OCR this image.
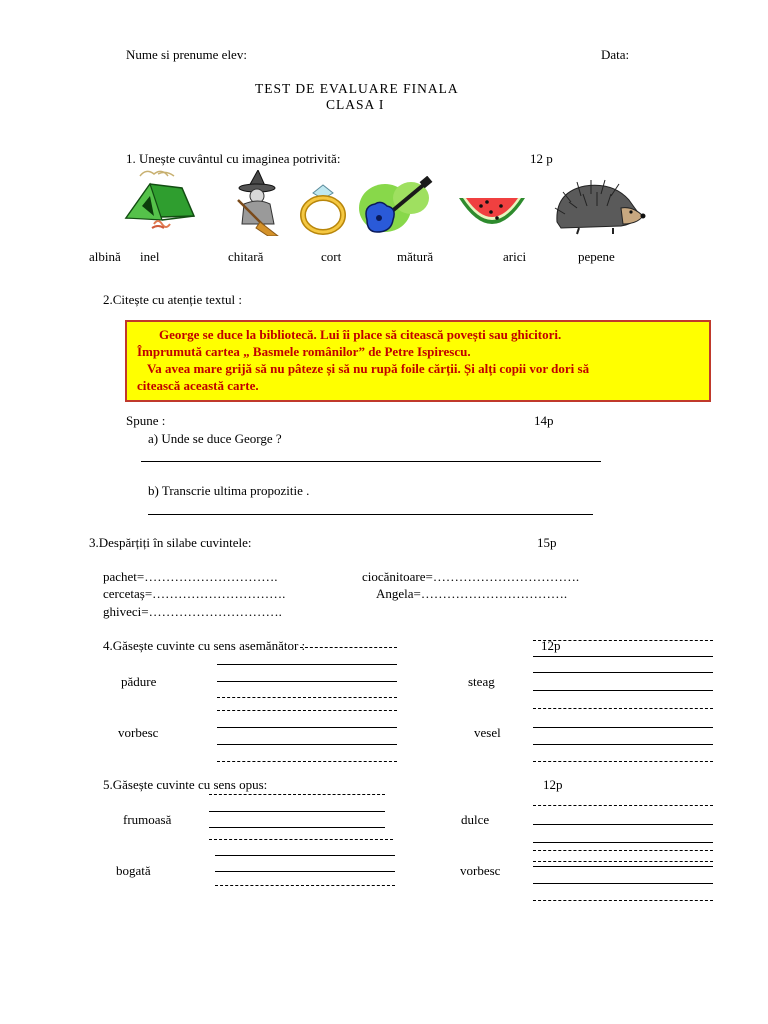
Nume si prenume elev:	Data:
TEST DE EVALUARE FINALA
CLASA I
1. Unește cuvântul cu imaginea potrivită:	12 p
albină inel	chitară	cort	mătură	arici	pepene
2.Citește cu atenție textul :

George se duce la bibliotecă. Lui îi place să citească povești sau ghicitori.

Împrumută cartea „ Basmele românilor” de Petre Ispirescu.

Va avea mare grijă să nu pâteze și să nu rupă foile cărții. Și alți copii vor dori să

citească această carte.

Spune :	14p
a) Unde se duce George ?
b) Transcrie ultima propozitie .
3.Despărțiți în silabe cuvintele:	15p
pachet=………………………….	ciocănitoare=…………………………….
cercetaș=………………………….	Angela=…………………………….
ghiveci=………………………….
4.Găsește cuvinte cu sens asemănător :	12p
pădure	steag
vorbesc	vesel
5.Găsește cuvinte cu sens opus:	12p
frumoasă	dulce
bogată	vorbesc
